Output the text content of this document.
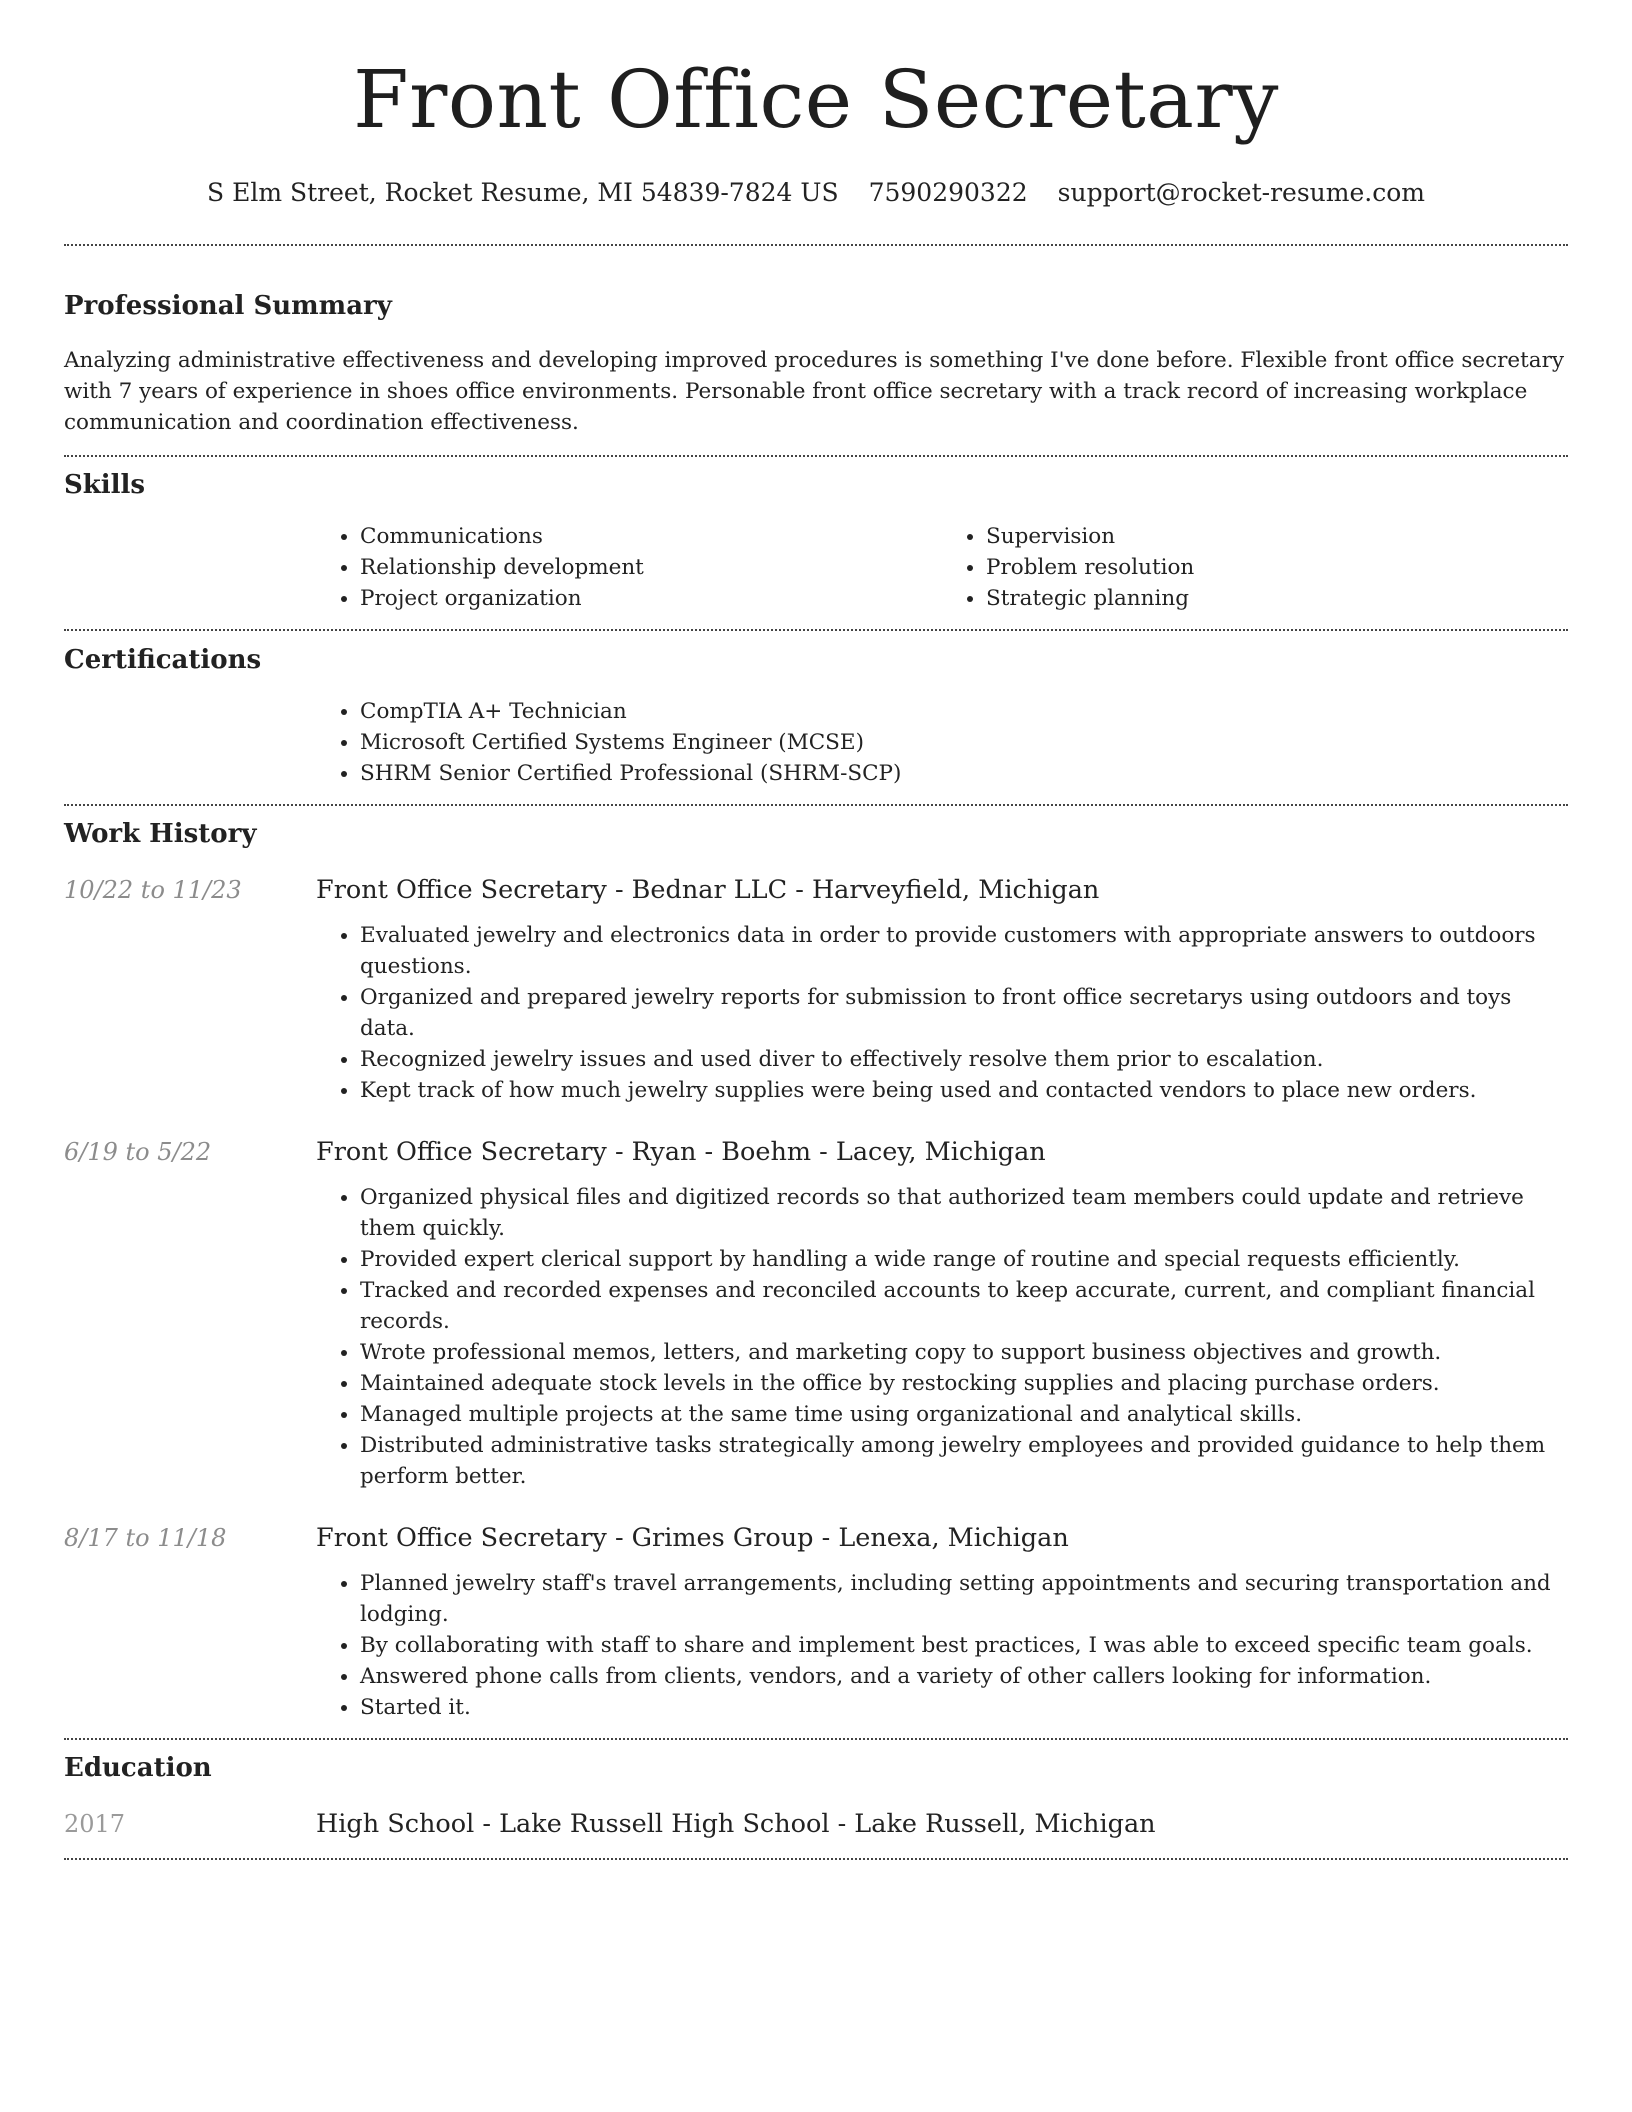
Front Office Secretary
S Elm Street, Rocket Resume, MI 54839-7824 US 7590290322 support@rocket-resume.com
Professional Summary

Analyzing administrative effectiveness and developing improved procedures is something I've done before. Flexible front office secretary with 7 years of experience in shoes office environments. Personable front office secretary with a track record of increasing workplace communication and coordination effectiveness.

Skills
• Communications
• Relationship development
• Project organization
• Supervision
• Problem resolution
• Strategic planning
Certifications
• CompTIA A+ Technician
• Microsoft Certified Systems Engineer (MCSE)
• SHRM Senior Certified Professional (SHRM-SCP)
Work History
10/22 to 11/23	Front Office Secretary - Bednar LLC - Harveyfield, Michigan
• Evaluated jewelry and electronics data in order to provide customers with appropriate answers to outdoors questions.
• Organized and prepared jewelry reports for submission to front office secretarys using outdoors and toys data.
• Recognized jewelry issues and used diver to effectively resolve them prior to escalation.
• Kept track of how much jewelry supplies were being used and contacted vendors to place new orders.
6/19 to 5/22	Front Office Secretary - Ryan - Boehm - Lacey, Michigan
• Organized physical files and digitized records so that authorized team members could update and retrieve them quickly.
• Provided expert clerical support by handling a wide range of routine and special requests efficiently.
• Tracked and recorded expenses and reconciled accounts to keep accurate, current, and compliant financial records.
• Wrote professional memos, letters, and marketing copy to support business objectives and growth.
• Maintained adequate stock levels in the office by restocking supplies and placing purchase orders.
• Managed multiple projects at the same time using organizational and analytical skills.
• Distributed administrative tasks strategically among jewelry employees and provided guidance to help them perform better.
8/17 to 11/18	Front Office Secretary - Grimes Group - Lenexa, Michigan
• Planned jewelry staff's travel arrangements, including setting appointments and securing transportation and lodging.
• By collaborating with staff to share and implement best practices, I was able to exceed specific team goals.
• Answered phone calls from clients, vendors, and a variety of other callers looking for information.
• Started it.
Education
2017	High School - Lake Russell High School - Lake Russell, Michigan
